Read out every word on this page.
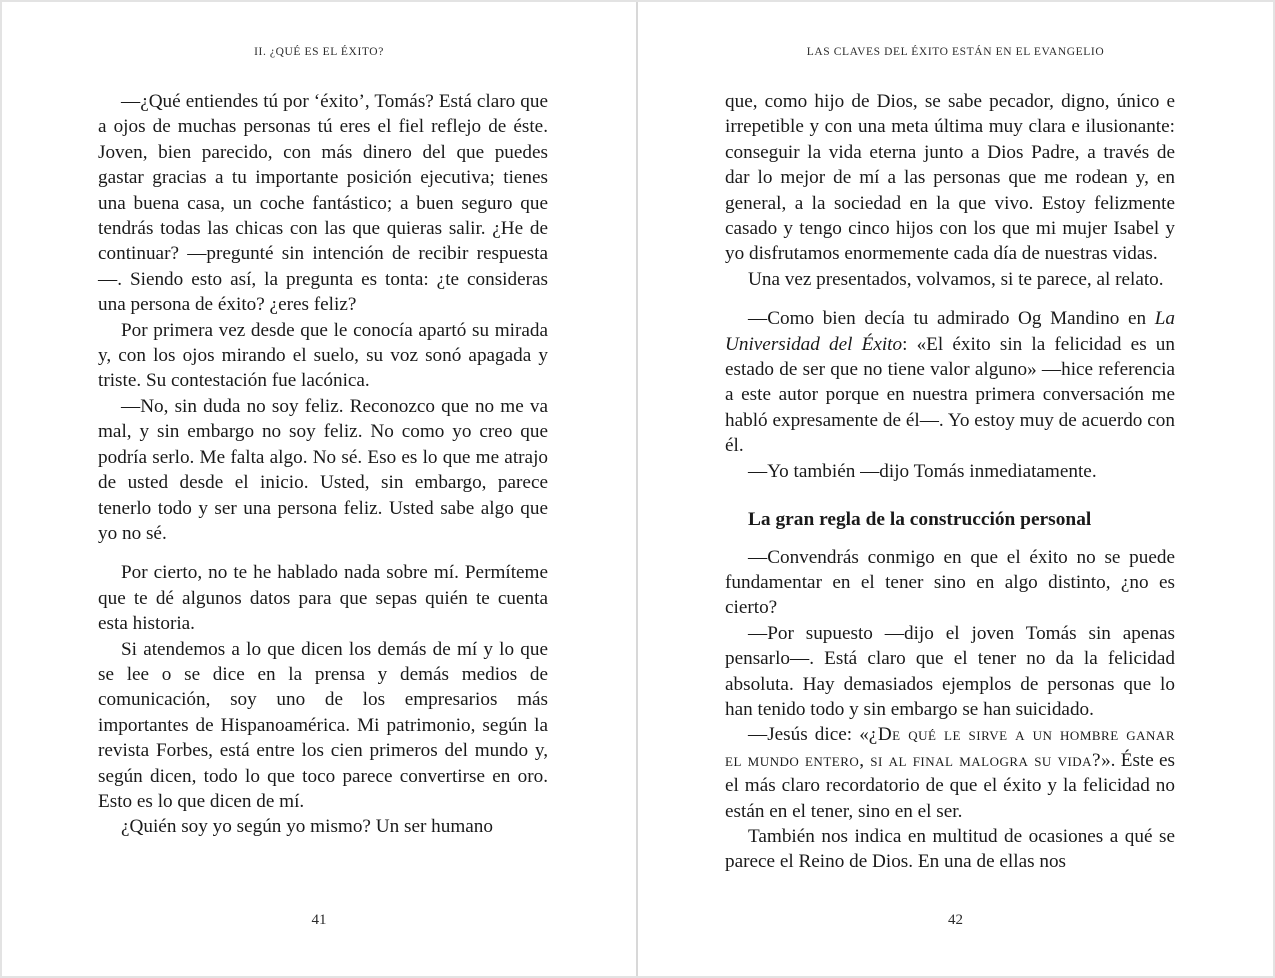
II. ¿QUÉ ES EL ÉXITO?

—¿Qué entiendes tú por ‘éxito’, Tomás? Está claro que a ojos de muchas personas tú eres el fiel reflejo de éste. Joven, bien parecido, con más dinero del que puedes gastar gracias a tu importante posición ejecutiva; tienes una buena casa, un coche fantástico; a buen seguro que tendrás todas las chicas con las que quieras salir. ¿He de continuar? —pregunté sin intención de recibir respuesta—. Siendo esto así, la pregunta es tonta: ¿te consideras una persona de éxito? ¿eres feliz?

Por primera vez desde que le conocía apartó su mirada y, con los ojos mirando el suelo, su voz sonó apagada y triste. Su contestación fue lacónica.

—No, sin duda no soy feliz. Reconozco que no me va mal, y sin embargo no soy feliz. No como yo creo que podría serlo. Me falta algo. No sé. Eso es lo que me atrajo de usted desde el inicio. Usted, sin embargo, parece tenerlo todo y ser una persona feliz. Usted sabe algo que yo no sé.

Por cierto, no te he hablado nada sobre mí. Permíteme que te dé algunos datos para que sepas quién te cuenta esta historia.

Si atendemos a lo que dicen los demás de mí y lo que se lee o se dice en la prensa y demás medios de comunicación, soy uno de los empresarios más importantes de Hispanoamérica. Mi patrimonio, según la revista Forbes, está entre los cien primeros del mundo y, según dicen, todo lo que toco parece convertirse en oro. Esto es lo que dicen de mí.

¿Quién soy yo según yo mismo? Un ser humano

41
LAS CLAVES DEL ÉXITO ESTÁN EN EL EVANGELIO

que, como hijo de Dios, se sabe pecador, digno, único e irrepetible y con una meta última muy clara e ilusionante: conseguir la vida eterna junto a Dios Padre, a través de dar lo mejor de mí a las personas que me rodean y, en general, a la sociedad en la que vivo. Estoy felizmente casado y tengo cinco hijos con los que mi mujer Isabel y yo disfrutamos enormemente cada día de nuestras vidas.

Una vez presentados, volvamos, si te parece, al relato.

—Como bien decía tu admirado Og Mandino en La Universidad del Éxito: «El éxito sin la felicidad es un estado de ser que no tiene valor alguno» —hice referencia a este autor porque en nuestra primera conversación me habló expresamente de él—. Yo estoy muy de acuerdo con él.

—Yo también —dijo Tomás inmediatamente.

La gran regla de la construcción personal

—Convendrás conmigo en que el éxito no se puede fundamentar en el tener sino en algo distinto, ¿no es cierto?

—Por supuesto —dijo el joven Tomás sin apenas pensarlo—. Está claro que el tener no da la felicidad absoluta. Hay demasiados ejemplos de personas que lo han tenido todo y sin embargo se han suicidado.

—Jesús dice: «¿De qué le sirve a un hombre ganar el mundo entero, si al final malogra su vida?». Éste es el más claro recordatorio de que el éxito y la felicidad no están en el tener, sino en el ser.

También nos indica en multitud de ocasiones a qué se parece el Reino de Dios. En una de ellas nos

42
